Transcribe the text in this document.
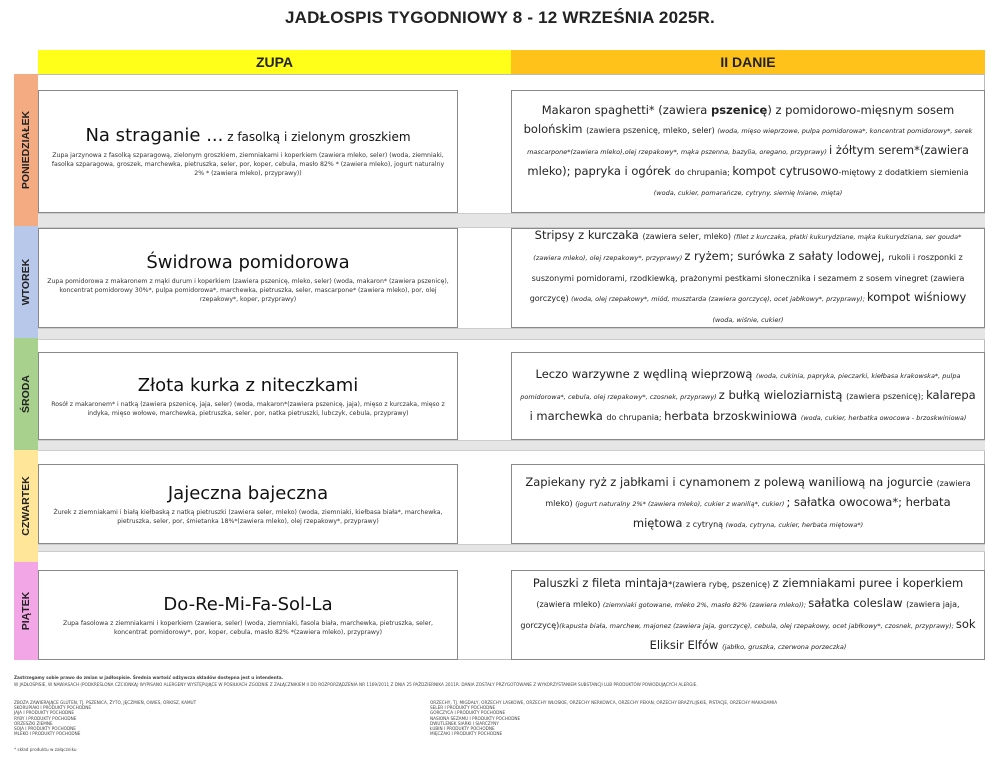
JADŁOSPIS TYGODNIOWY 8 - 12 WRZEŚNIA 2025R.
ZUPA	II DANIE
PONIEDZIAŁEK
WTOREK
ŚRODA
CZWARTEK
PIĄTEK
Na straganie ... z fasolką i zielonym groszkiem
Zupa jarzynowa z fasolką szparagową, zielonym groszkiem, ziemniakami i koperkiem (zawiera mleko, seler) (woda, ziemniaki, fasolka szparagowa, groszek, marchewka, pietruszka, seler, por, koper, cebula, masło 82% * (zawiera mleko), jogurt naturalny 2% * (zawiera mleko), przyprawy))
Świdrowa pomidorowa
Zupa pomidorowa z makaronem z mąki durum i koperkiem (zawiera pszenicę, mleko, seler) (woda, makaron* (zawiera pszenicę), koncentrat pomidorowy 30%*, pulpa pomidorowa*, marchewka, pietruszka, seler, mascarpone* (zawiera mleko), por, olej rzepakowy*, koper, przyprawy)
Złota kurka z niteczkami
Rosół z makaronem* i natką (zawiera pszenicę, jaja, seler) (woda, makaron*(zawiera pszenicę, jaja), mięso z kurczaka, mięso z indyka, mięso wołowe, marchewka, pietruszka, seler, por, natka pietruszki, lubczyk, cebula, przyprawy)
Jajeczna bajeczna
Żurek z ziemniakami i białą kiełbaską z natką pietruszki (zawiera seler, mleko) (woda, ziemniaki, kiełbasa biała*, marchewka, pietruszka, seler, por, śmietanka 18%*(zawiera mleko), olej rzepakowy*, przyprawy)
Do-Re-Mi-Fa-Sol-La
Zupa fasolowa z ziemniakami i koperkiem (zawiera, seler) (woda, ziemniaki, fasola biała, marchewka, pietruszka, seler, koncentrat pomidorowy*, por, koper, cebula, masło 82% *(zawiera mleko), przyprawy)
Makaron spaghetti* (zawiera pszenicę) z pomidorowo-mięsnym sosem bolońskim (zawiera pszenicę, mleko, seler) (woda, mięso wieprzowe, pulpa pomidorowa*, koncentrat pomidorowy*, serek mascarpone*(zawiera mleko),olej rzepakowy*, mąka pszenna, bazylia, oregano, przyprawy) i żółtym serem*(zawiera mleko); papryka i ogórek do chrupania; kompot cytrusowo-miętowy z dodatkiem siemienia (woda, cukier, pomarańcze, cytryny, siemię lniane, mięta)
Stripsy z kurczaka (zawiera seler, mleko) (filet z kurczaka, płatki kukurydziane, mąka kukurydziana, ser gouda* (zawiera mleko), olej rzepakowy*, przyprawy) z ryżem; surówka z sałaty lodowej, rukoli i roszponki z suszonymi pomidorami, rzodkiewką, prażonymi pestkami słonecznika i sezamem z sosem vinegret (zawiera gorczycę) (woda, olej rzepakowy*, miód, musztarda (zawiera gorczycę), ocet jabłkowy*, przyprawy); kompot wiśniowy (woda, wiśnie, cukier)
Leczo warzywne z wędliną wieprzową (woda, cukinia, papryka, pieczarki, kiełbasa krakowska*, pulpa pomidorowa*, cebula, olej rzepakowy*, czosnek, przyprawy) z bułką wieloziarnistą (zawiera pszenicę); kalarepa i marchewka do chrupania; herbata brzoskwiniowa (woda, cukier, herbatka owocowa - brzoskwiniowa)
Zapiekany ryż z jabłkami i cynamonem z polewą waniliową na jogurcie (zawiera mleko) (jogurt naturalny 2%* (zawiera mleko), cukier z wanilią*, cukier) ; sałatka owocowa*; herbata miętowa z cytryną (woda, cytryna, cukier, herbata miętowa*)
Paluszki z fileta mintaja*(zawiera rybę, pszenicę) z ziemniakami puree i koperkiem (zawiera mleko) (ziemniaki gotowane, mleko 2%, masło 82% (zawiera mleko)); sałatka coleslaw (zawiera jaja, gorczycę)(kapusta biała, marchew, majonez (zawiera jaja, gorczycę), cebula, olej rzepakowy, ocet jabłkowy*, czosnek, przyprawy); sok Eliksir Elfów (jabłko, gruszka, czerwona porzeczka)
Zastrzegamy sobie prawo do zmian w jadłospisie. Średnia wartość odżywcza składów dostępna jest u intendenta.
W JADŁOSPISIE, W NAWIASACH (PODKREŚLONA CZCIONKĄ) WYPISANO ALERGENY WYSTĘPUJĄCE W POSIŁKACH ZGODNIE Z ZAŁĄCZNIKIEM II DO ROZPORZĄDZENIA NR 1169/2011 Z DNIA 25 PAŹDZIERNIKA 2011R. DANIA ZOSTAŁY PRZYGOTOWANE Z WYKORZYSTANIEM SUBSTANCJI LUB PRODUKTÓW POWODUJĄCYCH ALERGIE.
ZBOŻA ZAWIERAJĄCE GLUTEN, TJ. PSZENICA, ŻYTO, JĘCZMIEŃ, OWIES, ORKISZ, KAMUT
SKORUPIAKI I PRODUKTY POCHODNE
JAJA I PRODUKTY POCHODNE
RYBY I PRODUKTY POCHODNE
ORZESZKI ZIEMNE
SOJA I PRODUKTY POCHODNE
MLEKO I PRODUKTY POCHODNE
* skład produktu w załączniku
ORZECHY, TJ. MIGDAŁY, ORZECHY LASKOWE, ORZECHY WŁOSKIE, ORZECHY NERKOWCA, ORZECHY PEKAN, ORZECHY BRAZYLIJSKIE, PISTACJE, ORZECHY MAKADAMIA
SELER I PRODUKTY POCHODNE
GORCZYCA I PRODUKTY POCHODNE
NASIONA SEZAMU I PRODUKTY POCHODNE
DWUTLENEK SIARKI I SIARCZYNY
ŁUBIN I PRODUKTY POCHODNE
MIĘCZAKI I PRODUKTY POCHODNE
